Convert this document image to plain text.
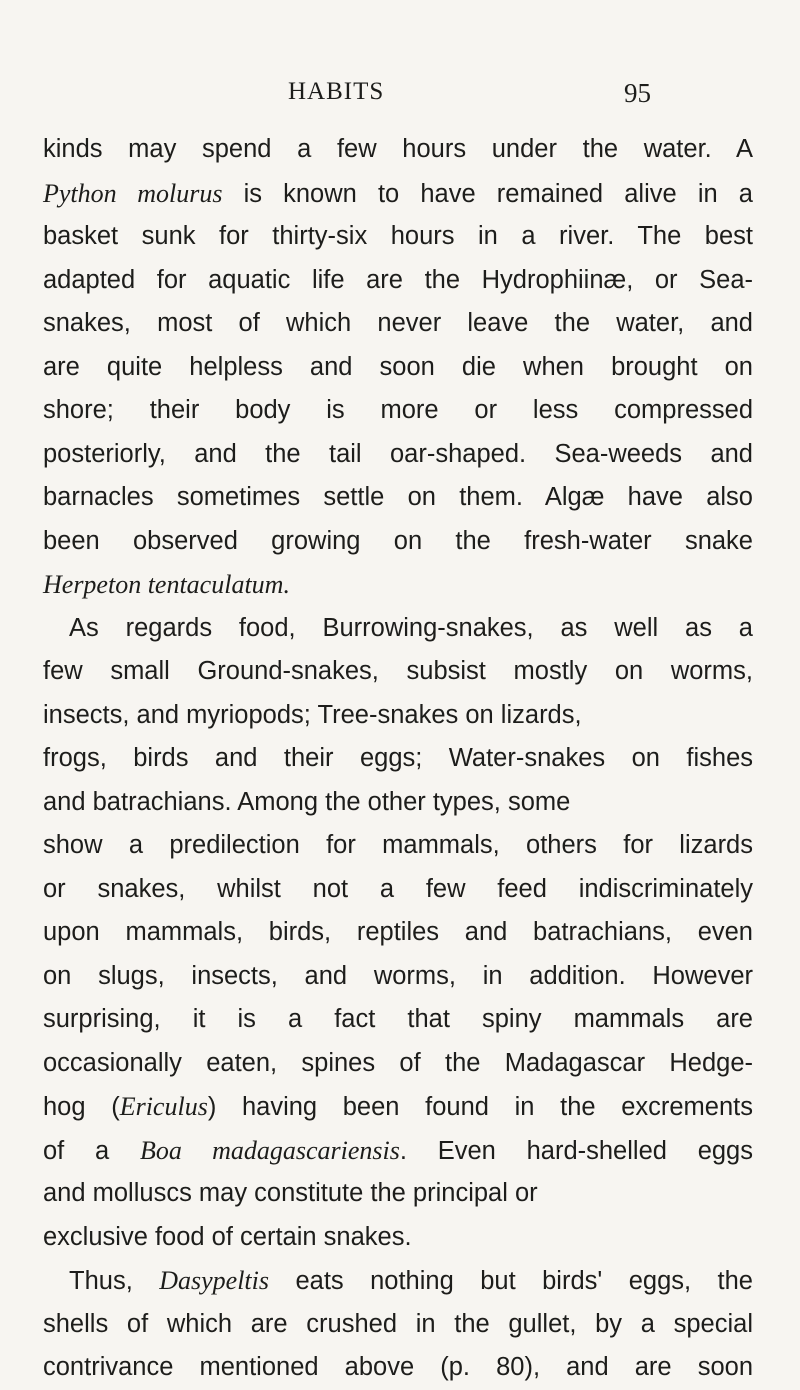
HABITS	95
kinds may spend a few hours under the water. A
Python molurus is known to have remained alive in a
basket sunk for thirty-six hours in a river. The best
adapted for aquatic life are the Hydrophiinæ, or Sea-
snakes, most of which never leave the water, and
are quite helpless and soon die when brought on
shore; their body is more or less compressed
posteriorly, and the tail oar-shaped. Sea-weeds and
barnacles sometimes settle on them. Algæ have also
been observed growing on the fresh-water snake
Herpeton tentaculatum.
As regards food, Burrowing-snakes, as well as a
few small Ground-snakes, subsist mostly on worms,
insects, and myriopods; Tree-snakes on lizards,
frogs, birds and their eggs; Water-snakes on fishes
and batrachians. Among the other types, some
show a predilection for mammals, others for lizards
or snakes, whilst not a few feed indiscriminately
upon mammals, birds, reptiles and batrachians, even
on slugs, insects, and worms, in addition. However
surprising, it is a fact that spiny mammals are
occasionally eaten, spines of the Madagascar Hedge-
hog (Ericulus) having been found in the excrements
of a Boa madagascariensis. Even hard-shelled eggs
and molluscs may constitute the principal or
exclusive food of certain snakes.
Thus, Dasypeltis eats nothing but birds' eggs, the
shells of which are crushed in the gullet, by a special
contrivance mentioned above (p. 80), and are soon
